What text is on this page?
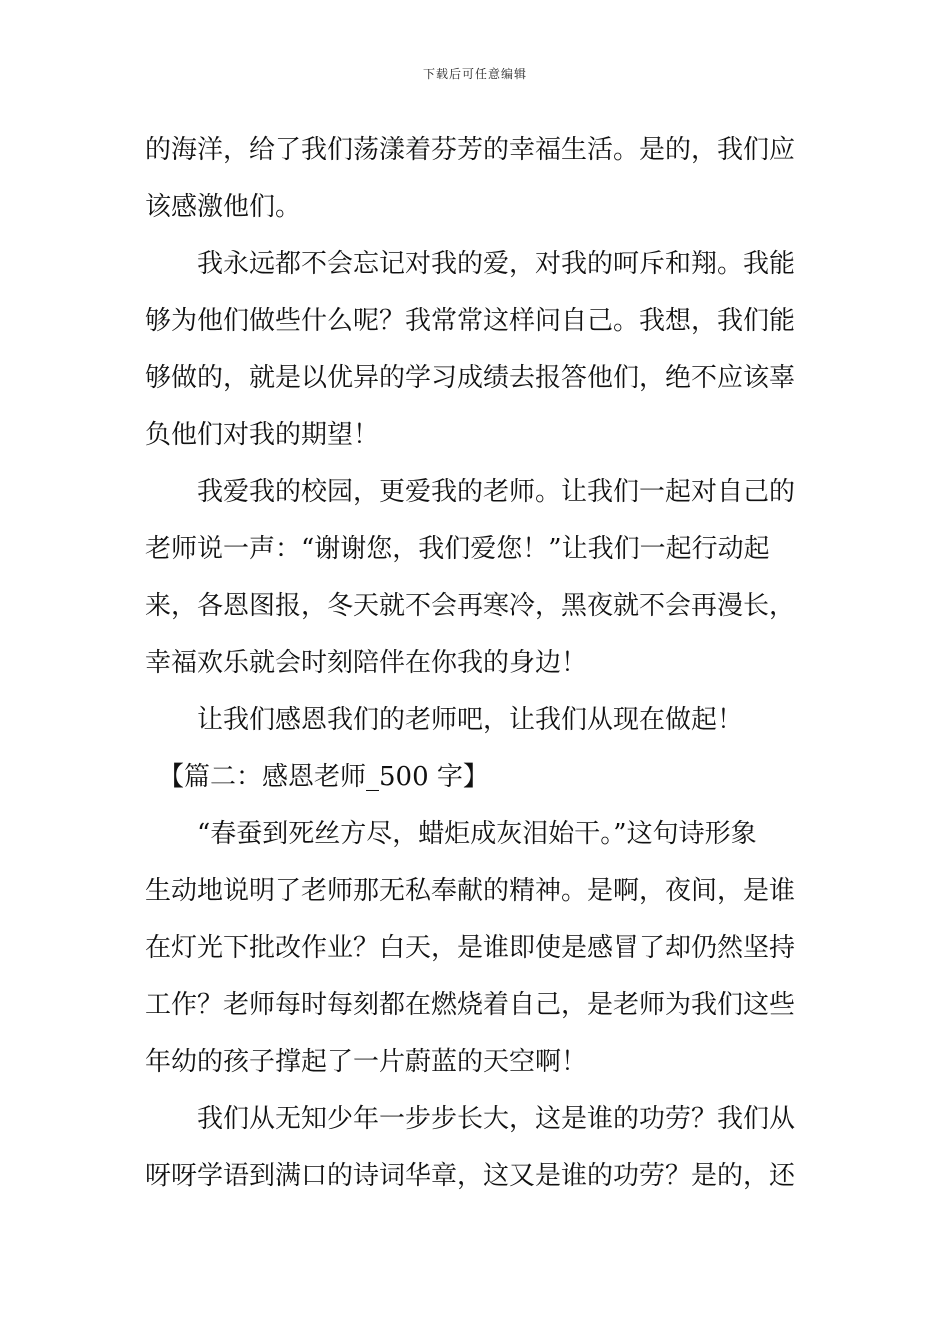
下载后可任意编辑
的海洋，给了我们荡漾着芬芳的幸福生活。是的，我们应
该感激他们。
　　我永远都不会忘记对我的爱，对我的呵斥和翔。我能
够为他们做些什么呢？我常常这样问自己。我想，我们能
够做的，就是以优异的学习成绩去报答他们，绝不应该辜
负他们对我的期望！
　　我爱我的校园，更爱我的老师。让我们一起对自己的
老师说一声：“谢谢您，我们爱您！”让我们一起行动起
来，各恩图报，冬天就不会再寒冷，黑夜就不会再漫长，
幸福欢乐就会时刻陪伴在你我的身边！
　　让我们感恩我们的老师吧，让我们从现在做起！
　【篇二：感恩老师_500 字】
　　“春蚕到死丝方尽，蜡炬成灰泪始干。”这句诗形象
生动地说明了老师那无私奉献的精神。是啊，夜间，是谁
在灯光下批改作业？白天，是谁即使是感冒了却仍然坚持
工作？老师每时每刻都在燃烧着自己，是老师为我们这些
年幼的孩子撑起了一片蔚蓝的天空啊！
　　我们从无知少年一步步长大，这是谁的功劳？我们从
呀呀学语到满口的诗词华章，这又是谁的功劳？是的，还
